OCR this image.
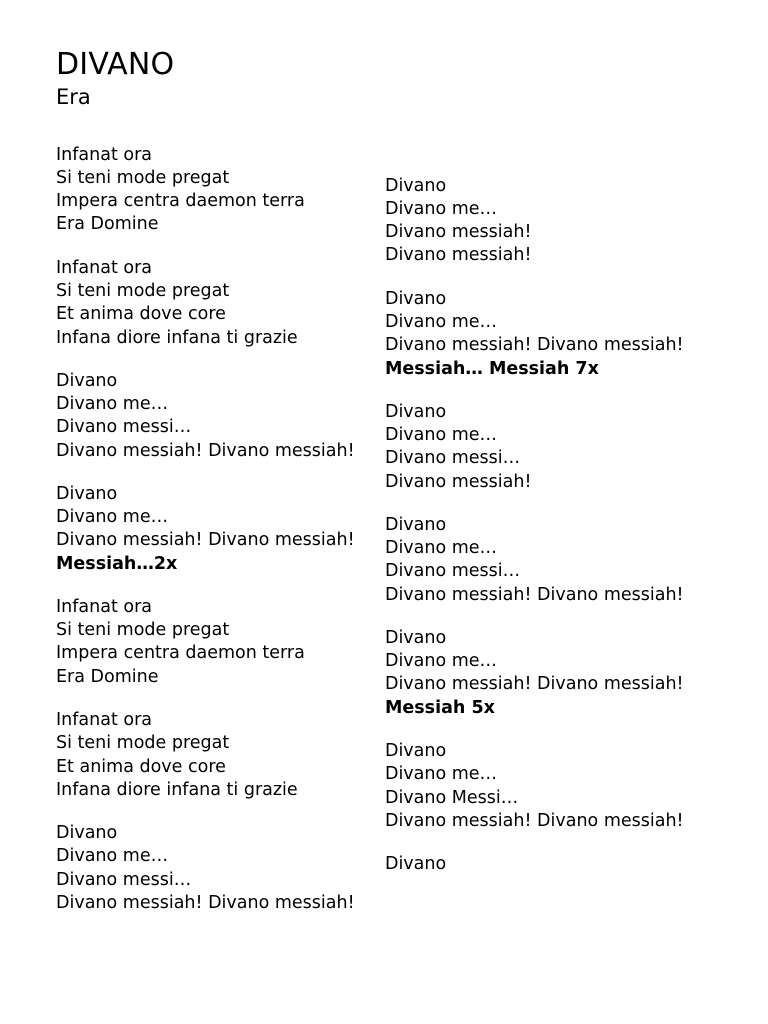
DIVANO
Era
Infanat ora
Si teni mode pregat
Impera centra daemon terra
Era Domine
Infanat ora
Si teni mode pregat
Et anima dove core
Infana diore infana ti grazie
Divano
Divano me…
Divano messi…
Divano messiah! Divano messiah!
Divano
Divano me…
Divano messiah! Divano messiah!
Messiah…2x
Infanat ora
Si teni mode pregat
Impera centra daemon terra
Era Domine
Infanat ora
Si teni mode pregat
Et anima dove core
Infana diore infana ti grazie
Divano
Divano me…
Divano messi…
Divano messiah! Divano messiah!
Divano
Divano me…
Divano messiah!
Divano messiah!
Divano
Divano me…
Divano messiah! Divano messiah!
Messiah… Messiah 7x
Divano
Divano me…
Divano messi…
Divano messiah!
Divano
Divano me…
Divano messi…
Divano messiah! Divano messiah!
Divano
Divano me…
Divano messiah! Divano messiah!
Messiah 5x
Divano
Divano me…
Divano Messi…
Divano messiah! Divano messiah!
Divano
